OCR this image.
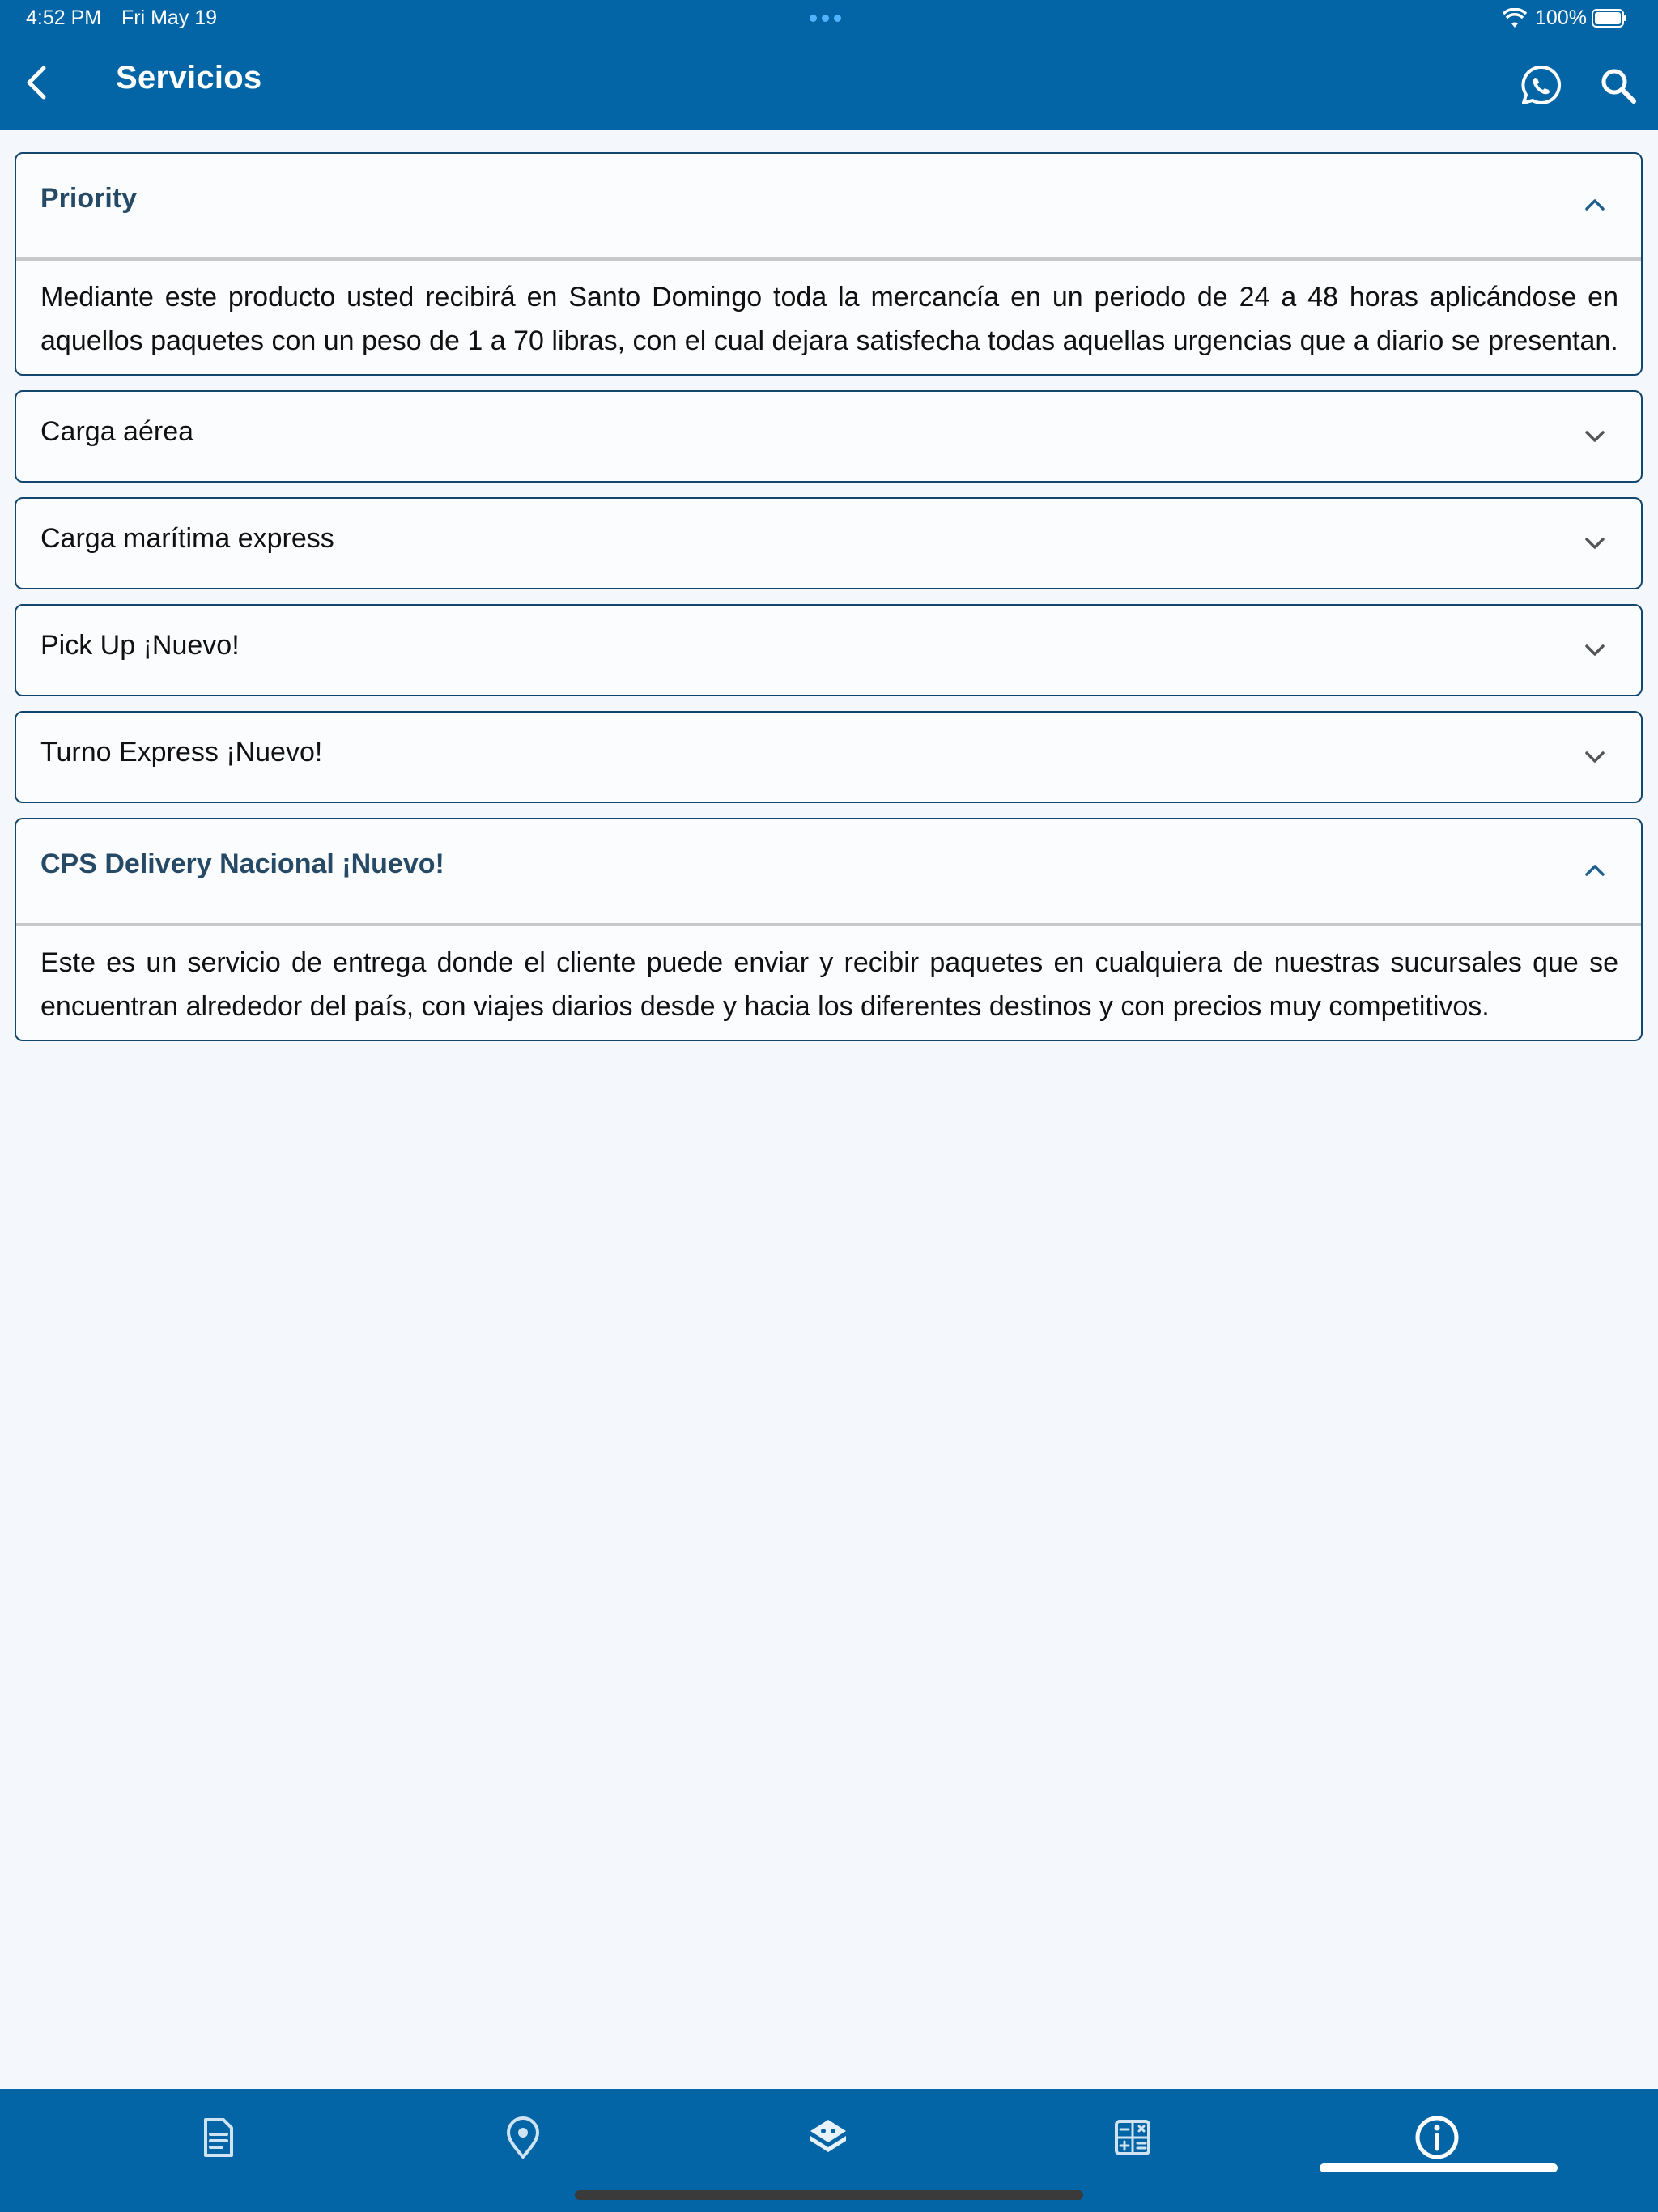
4:52 PM Fri May 19	100%
Servicios
Priority
Mediante este producto usted recibirá en Santo Domingo toda la mercancía en un periodo de 24 a 48 horas aplicándose en aquellos paquetes con un peso de 1 a 70 libras, con el cual dejara satisfecha todas aquellas urgencias que a diario se presentan.
Carga aérea
Carga marítima express
Pick Up ¡Nuevo!
Turno Express ¡Nuevo!
CPS Delivery Nacional ¡Nuevo!
Este es un servicio de entrega donde el cliente puede enviar y recibir paquetes en cualquiera de nuestras sucursales que se encuentran alrededor del país, con viajes diarios desde y hacia los diferentes destinos y con precios muy competitivos.
